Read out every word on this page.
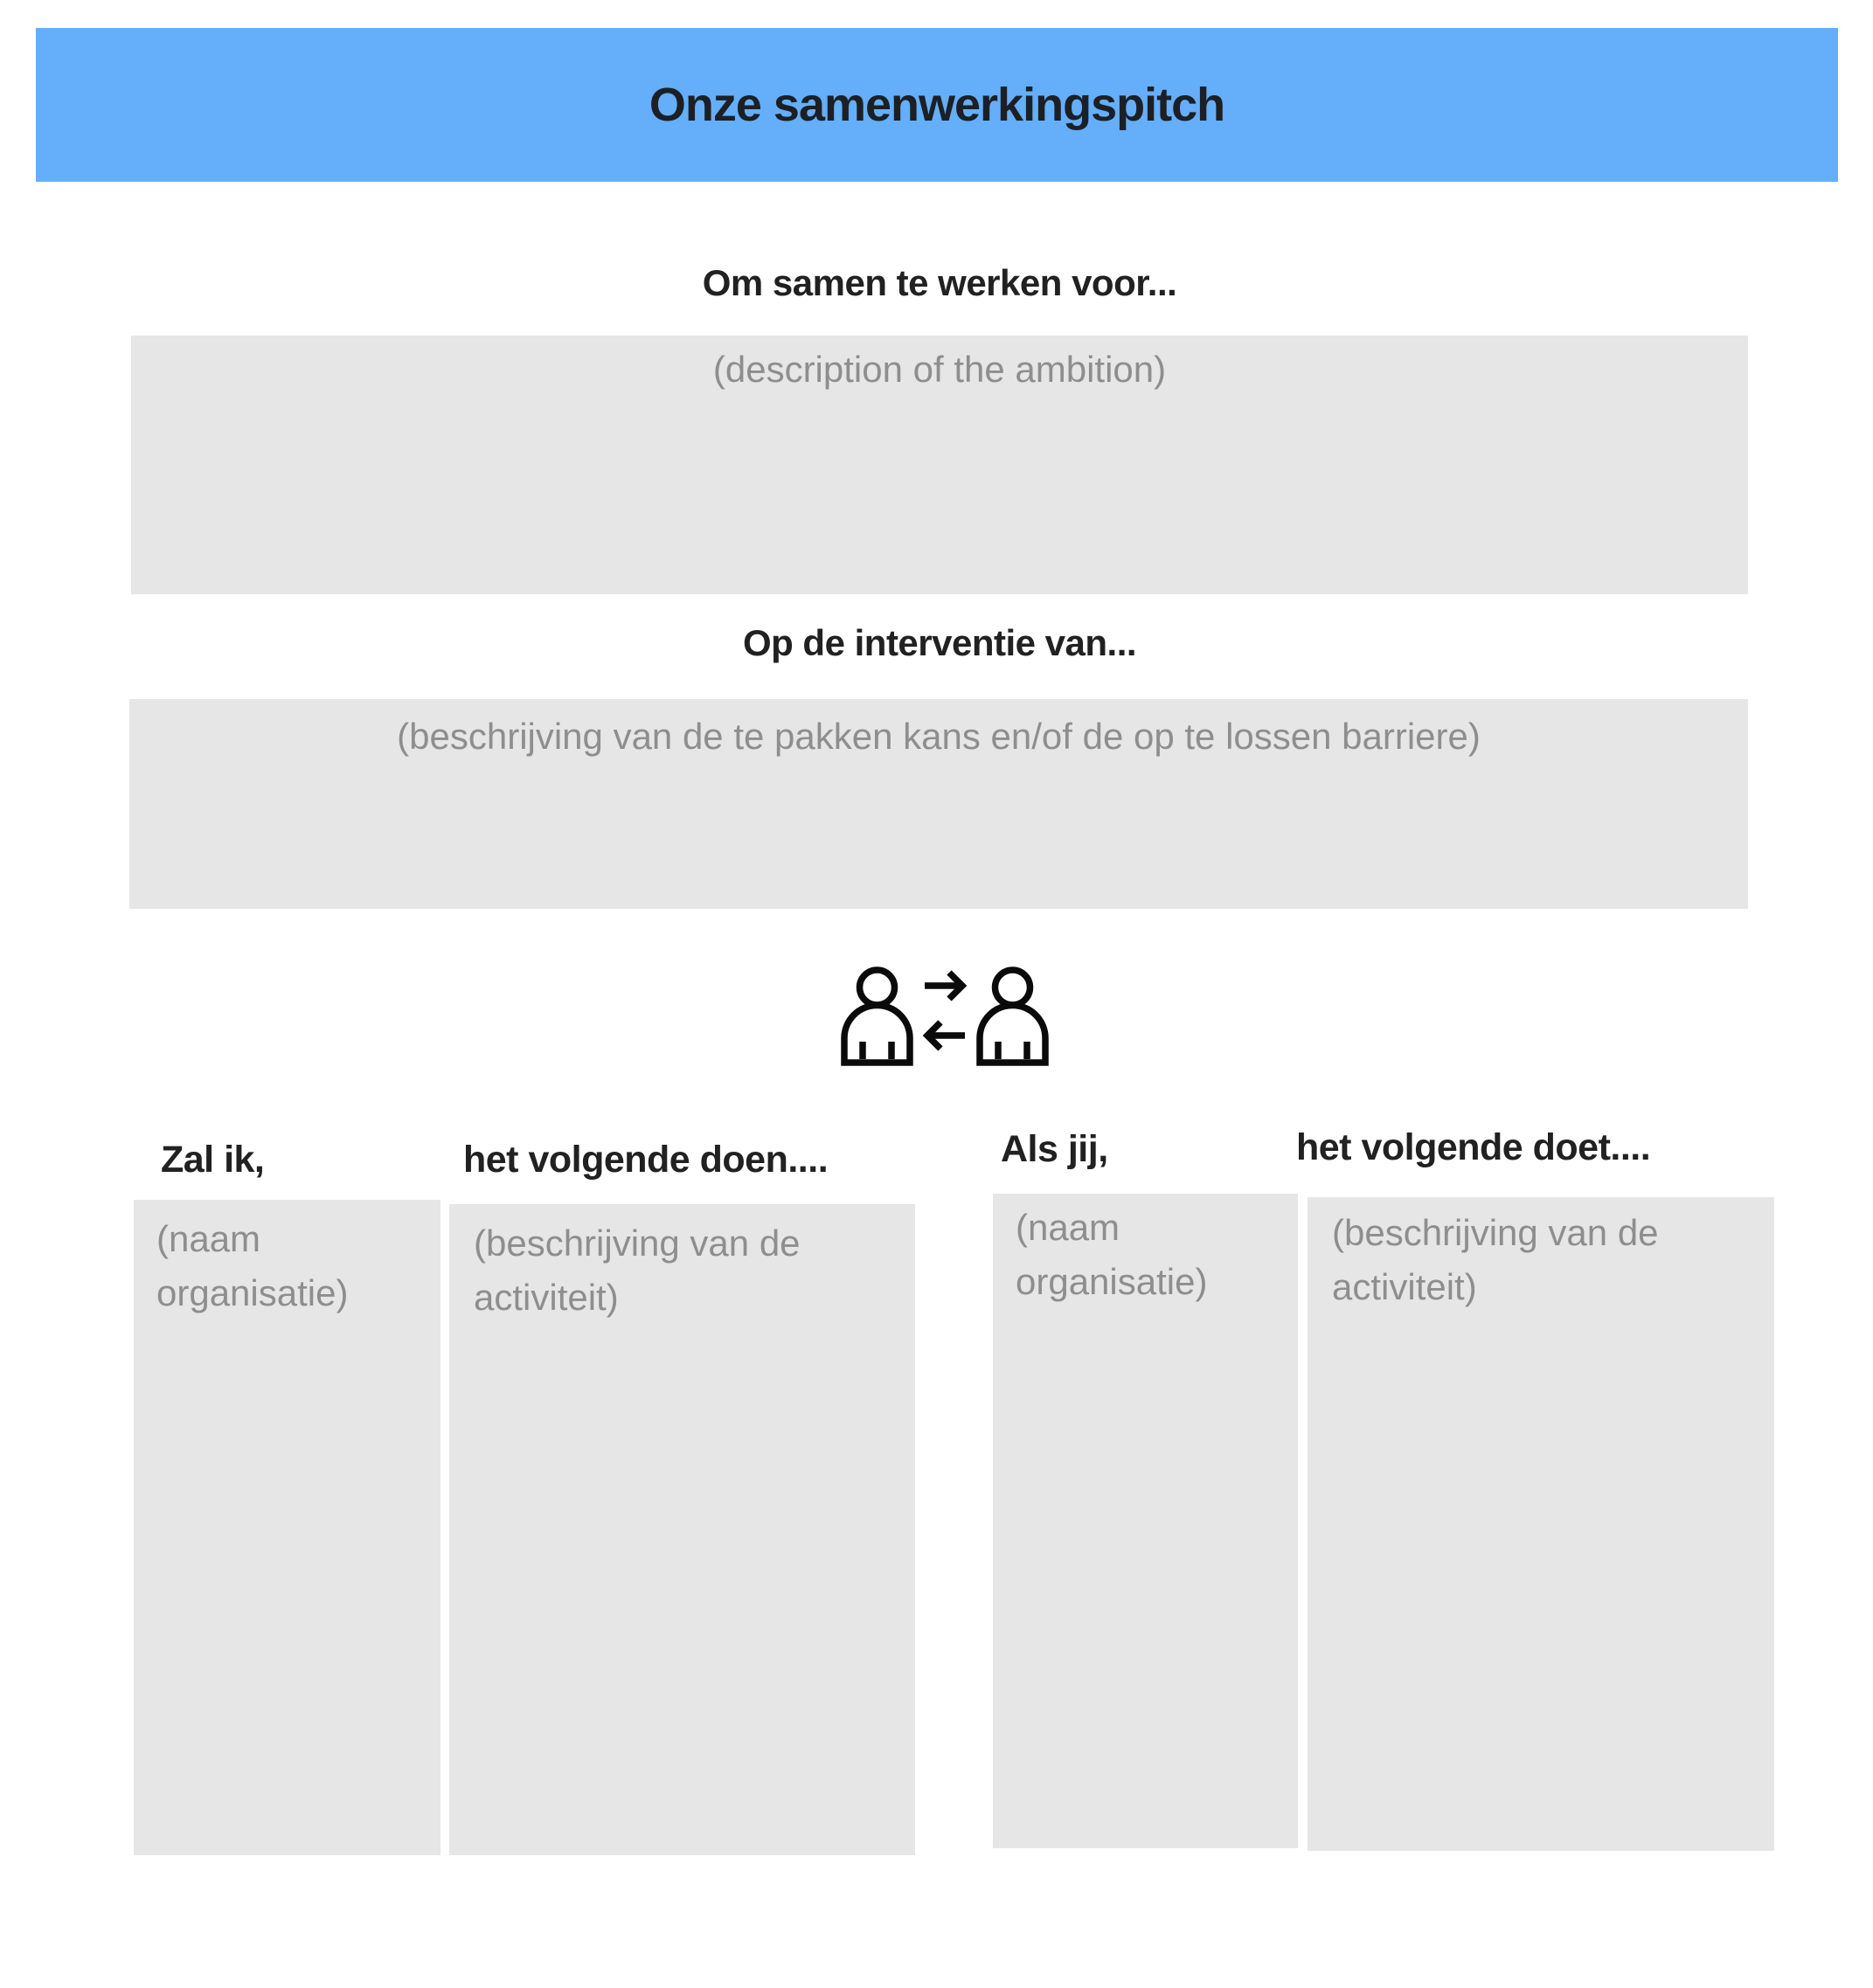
Onze samenwerkingspitch
Om samen te werken voor...
(description of the ambition)
Op de interventie van...
(beschrijving van de te pakken kans en/of de op te lossen barriere)
Zal ik,	het volgende doen....	Als jij,	het volgende doet....
(naam organisatie)
(beschrijving van de activiteit)
(naam organisatie)
(beschrijving van de activiteit)
